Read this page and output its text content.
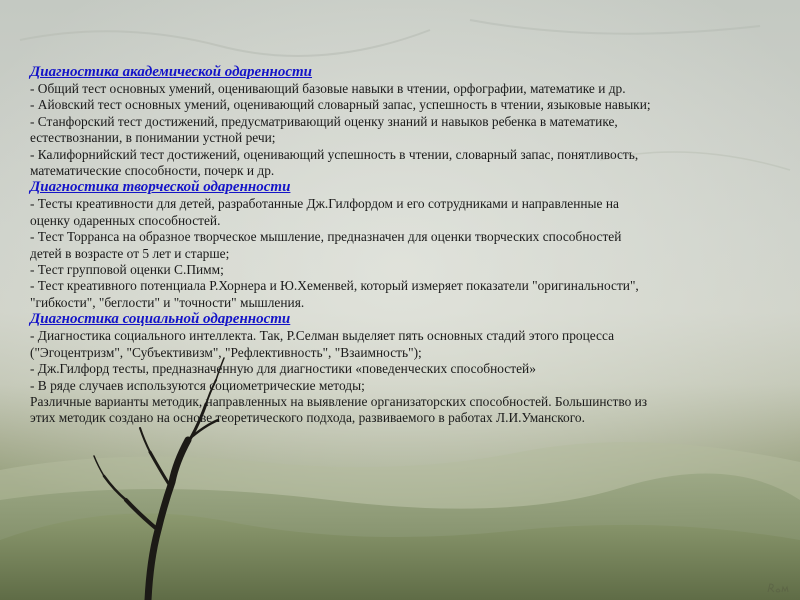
Диагностика академической одаренности

- Общий тест основных умений, оценивающий базовые навыки в чтении, орфографии, математике и др.

- Айовский тест основных умений, оценивающий словарный запас, успешность в чтении, языковые навыки;

- Станфорский тест достижений, предусматривающий оценку знаний и навыков ребенка в математике,

естествознании, в понимании устной речи;

- Калифорнийский тест достижений, оценивающий успешность в чтении, словарный запас, понятливость,

математические способности, почерк и др.

Диагностика творческой одаренности

- Тесты креативности для детей, разработанные Дж.Гилфордом и его сотрудниками и направленные на

оценку одаренных способностей.

- Тест Торранса на образное творческое мышление, предназначен для оценки творческих способностей

детей в возрасте от 5 лет и старше;

- Тест групповой оценки С.Пимм;

- Тест креативного потенциала Р.Хорнера и Ю.Хеменвей, который измеряет показатели "оригинальности",

"гибкости", "беглости" и "точности" мышления.

Диагностика социальной одаренности

- Диагностика социального интеллекта. Так, Р.Селман выделяет пять основных стадий этого процесса

("Эгоцентризм", "Субъективизм", "Рефлективность", "Взаимность");

- Дж.Гилфорд тесты, предназначенную для диагностики «поведенческих способностей»

- В ряде случаев используются социометрические методы;

Различные варианты методик, направленных на выявление организаторских способностей. Большинство из

этих методик создано на основе теоретического подхода, развиваемого в работах Л.И.Уманского.
